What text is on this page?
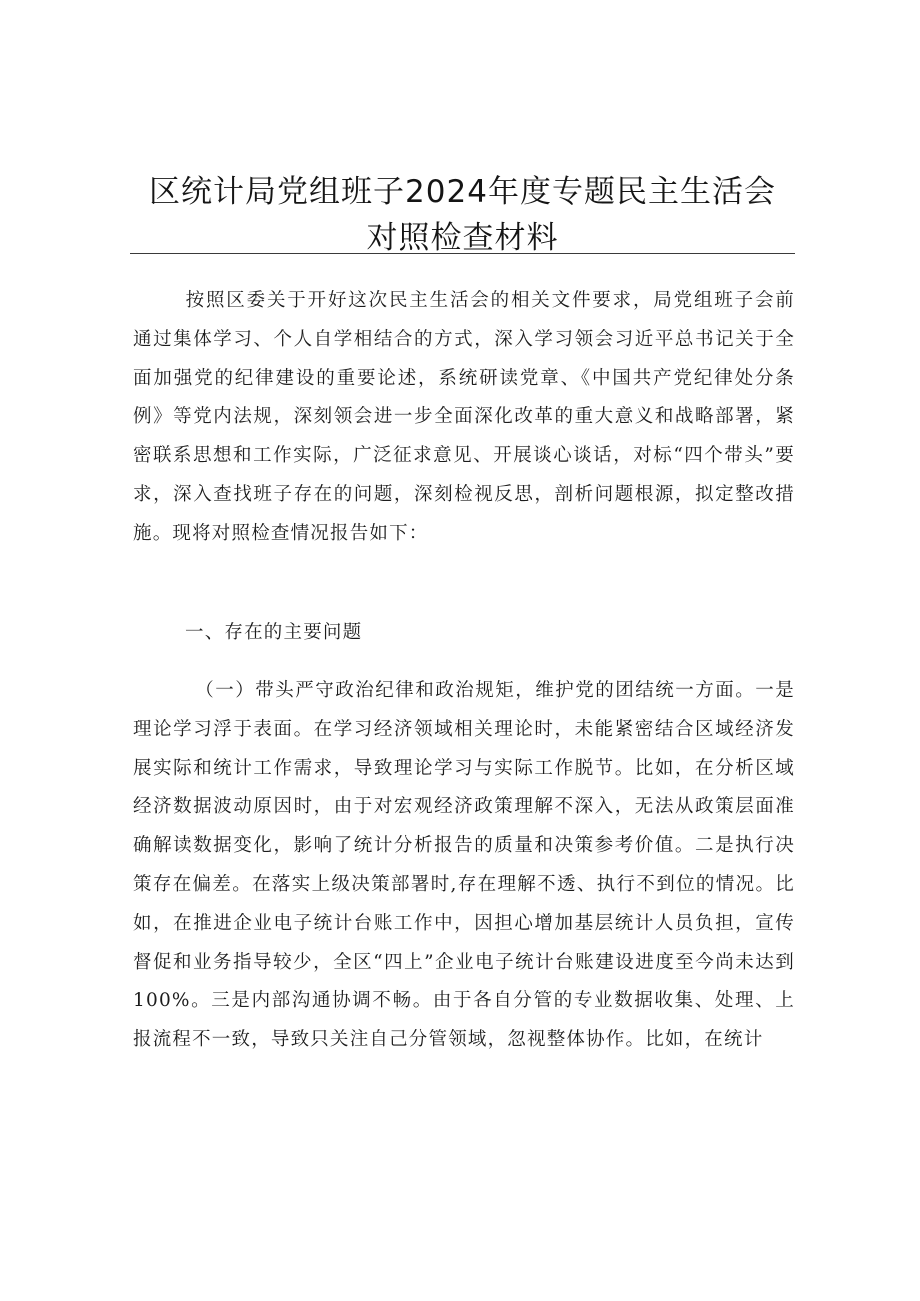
区统计局党组班子2024年度专题民主生活会
对照检查材料

按照区委关于开好这次民主生活会的相关文件要求，局党组班子会前通过集体学习、个人自学相结合的方式，深入学习领会习近平总书记关于全面加强党的纪律建设的重要论述，系统研读党章、《中国共产党纪律处分条例》等党内法规，深刻领会进一步全面深化改革的重大意义和战略部署，紧密联系思想和工作实际，广泛征求意见、开展谈心谈话，对标“四个带头”要求，深入查找班子存在的问题，深刻检视反思，剖析问题根源，拟定整改措施。现将对照检查情况报告如下：

一、存在的主要问题

（一）带头严守政治纪律和政治规矩，维护党的团结统一方面。一是理论学习浮于表面。在学习经济领域相关理论时，未能紧密结合区域经济发展实际和统计工作需求，导致理论学习与实际工作脱节。比如，在分析区域经济数据波动原因时，由于对宏观经济政策理解不深入，无法从政策层面准确解读数据变化，影响了统计分析报告的质量和决策参考价值。二是执行决策存在偏差。在落实上级决策部署时,存在理解不透、执行不到位的情况。比如，在推进企业电子统计台账工作中，因担心增加基层统计人员负担，宣传督促和业务指导较少，全区“四上”企业电子统计台账建设进度至今尚未达到100%。三是内部沟通协调不畅。由于各自分管的专业数据收集、处理、上报流程不一致，导致只关注自己分管领域，忽视整体协作。比如，在统计
